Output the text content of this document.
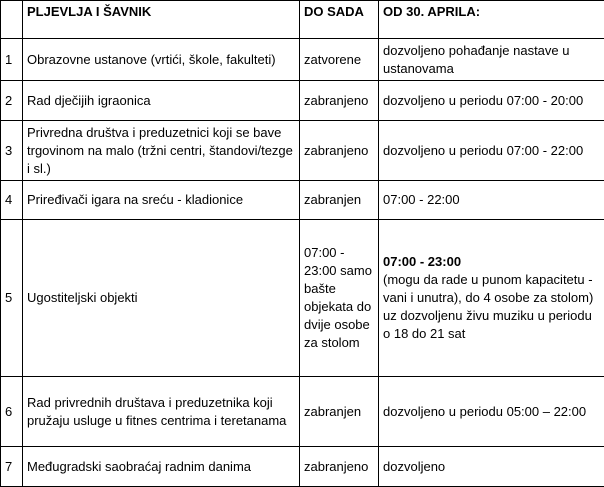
	PLJEVLJA I ŠAVNIK	DO SADA	OD 30. APRILA:
1	Obrazovne ustanove (vrtići, škole, fakulteti)	zatvorene	dozvoljeno pohađanje nastave u ustanovama
2	Rad dječijih igraonica	zabranjeno	dozvoljeno u periodu 07:00 - 20:00
3	Privredna društva i preduzetnici koji se bave trgovinom na malo (tržni centri, štandovi/tezge i sl.)	zabranjeno	dozvoljeno u periodu 07:00 - 22:00
4	Priređivači igara na sreću - kladionice	zabranjen	07:00 - 22:00
5	Ugostiteljski objekti	07:00 - 23:00 samo bašte objekata do dvije osobe za stolom	07:00 - 23:00
(mogu da rade u punom kapacitetu - vani i unutra), do 4 osobe za stolom) uz dozvoljenu živu muziku u periodu o 18 do 21 sat

6	Rad privrednih društava i preduzetnika koji pružaju usluge u fitnes centrima i teretanama	zabranjen	dozvoljeno u periodu 05:00 – 22:00
7	Međugradski saobraćaj radnim danima	zabranjeno	dozvoljeno
